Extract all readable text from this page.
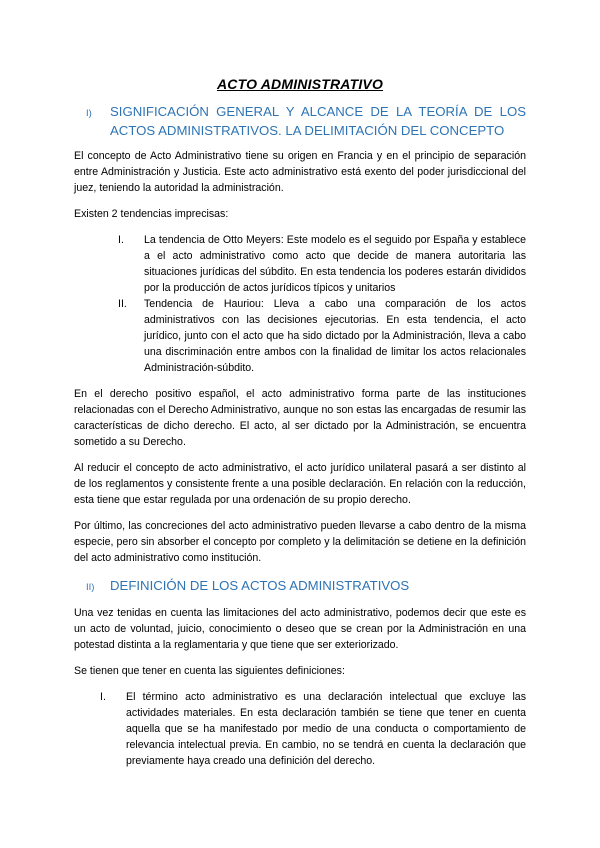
ACTO ADMINISTRATIVO
I)	SIGNIFICACIÓN GENERAL Y ALCANCE DE LA TEORÍA DE LOS ACTOS ADMINISTRATIVOS. LA DELIMITACIÓN DEL CONCEPTO

El concepto de Acto Administrativo tiene su origen en Francia y en el principio de separación entre Administración y Justicia. Este acto administrativo está exento del poder jurisdiccional del juez, teniendo la autoridad la administración.

Existen 2 tendencias imprecisas:

I.	La tendencia de Otto Meyers: Este modelo es el seguido por España y establece a el acto administrativo como acto que decide de manera autoritaria las situaciones jurídicas del súbdito. En esta tendencia los poderes estarán divididos por la producción de actos jurídicos típicos y unitarios
II.	Tendencia de Hauriou: Lleva a cabo una comparación de los actos administrativos con las decisiones ejecutorias. En esta tendencia, el acto jurídico, junto con el acto que ha sido dictado por la Administración, lleva a cabo una discriminación entre ambos con la finalidad de limitar los actos relacionales Administración-súbdito.

En el derecho positivo español, el acto administrativo forma parte de las instituciones relacionadas con el Derecho Administrativo, aunque no son estas las encargadas de resumir las características de dicho derecho. El acto, al ser dictado por la Administración, se encuentra sometido a su Derecho.

Al reducir el concepto de acto administrativo, el acto jurídico unilateral pasará a ser distinto al de los reglamentos y consistente frente a una posible declaración. En relación con la reducción, esta tiene que estar regulada por una ordenación de su propio derecho.

Por último, las concreciones del acto administrativo pueden llevarse a cabo dentro de la misma especie, pero sin absorber el concepto por completo y la delimitación se detiene en la definición del acto administrativo como institución.

II)	DEFINICIÓN DE LOS ACTOS ADMINISTRATIVOS

Una vez tenidas en cuenta las limitaciones del acto administrativo, podemos decir que este es un acto de voluntad, juicio, conocimiento o deseo que se crean por la Administración en una potestad distinta a la reglamentaria y que tiene que ser exteriorizado.

Se tienen que tener en cuenta las siguientes definiciones:

I.	El término acto administrativo es una declaración intelectual que excluye las actividades materiales. En esta declaración también se tiene que tener en cuenta aquella que se ha manifestado por medio de una conducta o comportamiento de relevancia intelectual previa. En cambio, no se tendrá en cuenta la declaración que previamente haya creado una definición del derecho.
